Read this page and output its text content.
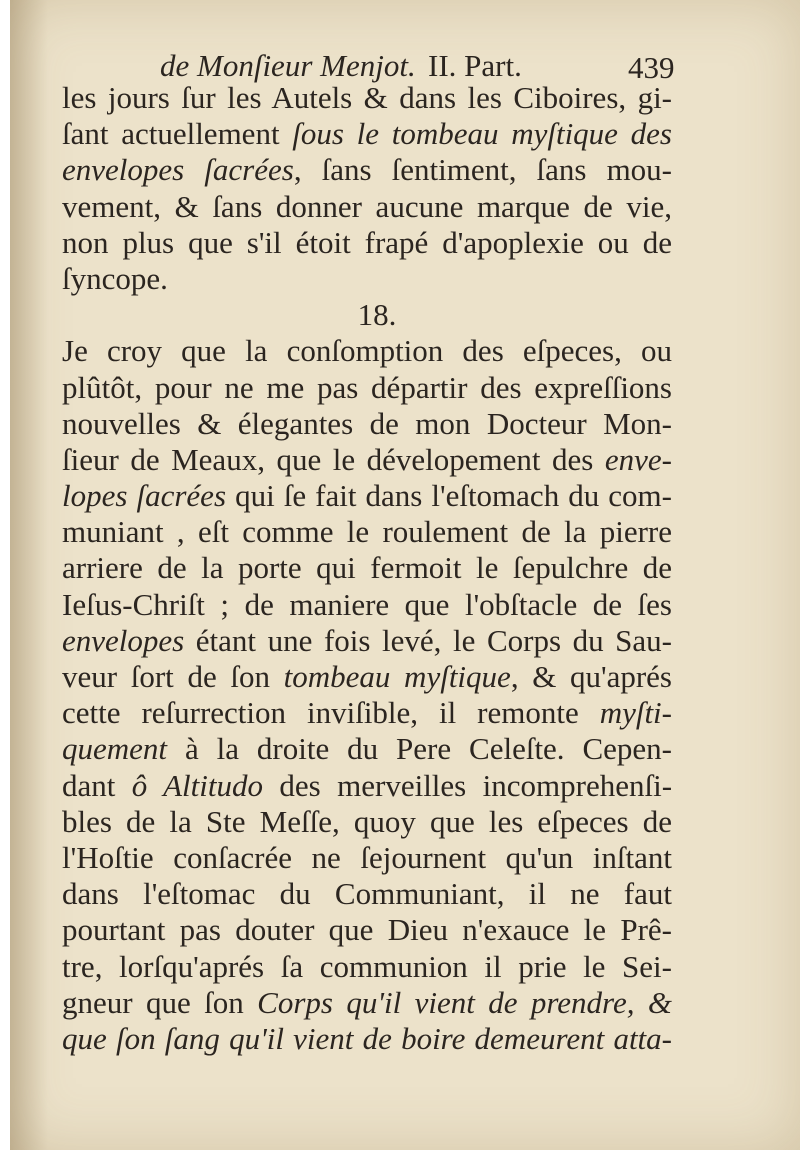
de Monſieur Menjot. II. Part.	439
les jours ſur les Autels & dans les Ciboires, gi-
ſant actuellement ſous le tombeau myſtique des
envelopes ſacrées, ſans ſentiment, ſans mou-
vement, & ſans donner aucune marque de vie,
non plus que s'il étoit frapé d'apoplexie ou de
ſyncope.
18.
Je croy que la conſomption des eſpeces, ou
plûtôt, pour ne me pas départir des expreſſions
nouvelles & élegantes de mon Docteur Mon-
ſieur de Meaux, que le dévelopement des enve-
lopes ſacrées qui ſe fait dans l'eſtomach du com-
muniant , eſt comme le roulement de la pierre
arriere de la porte qui fermoit le ſepulchre de
Ieſus-Chriſt ; de maniere que l'obſtacle de ſes
envelopes étant une fois levé, le Corps du Sau-
veur ſort de ſon tombeau myſtique, & qu'aprés
cette reſurrection inviſible, il remonte myſti-
quement à la droite du Pere Celeſte. Cepen-
dant ô Altitudo des merveilles incomprehenſi-
bles de la Ste Meſſe, quoy que les eſpeces de
l'Hoſtie conſacrée ne ſejournent qu'un inſtant
dans l'eſtomac du Communiant, il ne faut
pourtant pas douter que Dieu n'exauce le Prê-
tre, lorſqu'aprés ſa communion il prie le Sei-
gneur que ſon Corps qu'il vient de prendre, &
que ſon ſang qu'il vient de boire demeurent atta-
